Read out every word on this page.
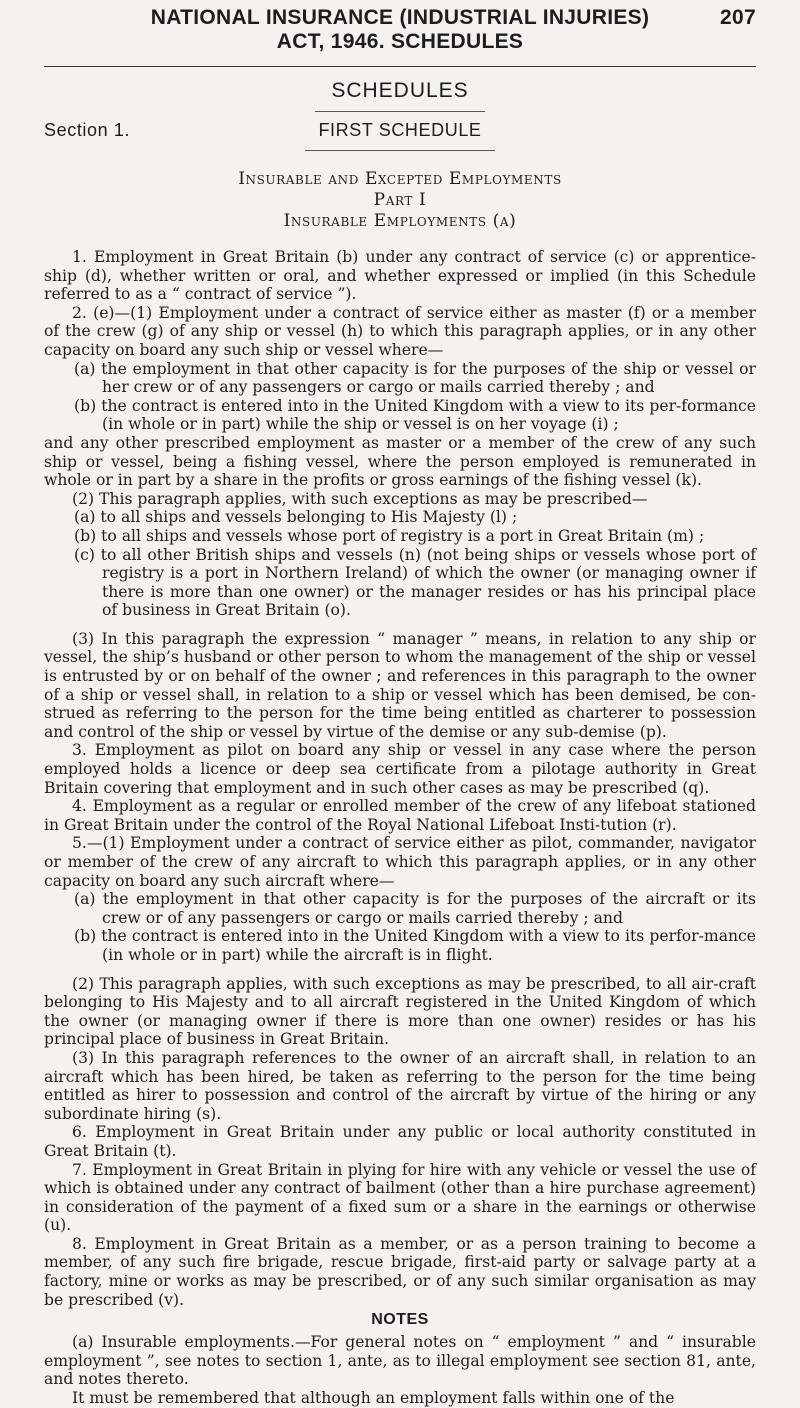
NATIONAL INSURANCE (INDUSTRIAL INJURIES)
ACT, 1946. SCHEDULES
207
SCHEDULES
Section 1.	FIRST SCHEDULE
Insurable and Excepted Employments
Part I
Insurable Employments (a)

1. Employment in Great Britain (b) under any contract of service (c) or apprentice-ship (d), whether written or oral, and whether expressed or implied (in this Schedule referred to as a “ contract of service ”).

2. (e)—(1) Employment under a contract of service either as master (f) or a member of the crew (g) of any ship or vessel (h) to which this paragraph applies, or in any other capacity on board any such ship or vessel where—

(a) the employment in that other capacity is for the purposes of the ship or vessel or her crew or of any passengers or cargo or mails carried thereby ; and

(b) the contract is entered into in the United Kingdom with a view to its per-formance (in whole or in part) while the ship or vessel is on her voyage (i) ;

and any other prescribed employment as master or a member of the crew of any such ship or vessel, being a fishing vessel, where the person employed is remunerated in whole or in part by a share in the profits or gross earnings of the fishing vessel (k).

(2) This paragraph applies, with such exceptions as may be prescribed—

(a) to all ships and vessels belonging to His Majesty (l) ;

(b) to all ships and vessels whose port of registry is a port in Great Britain (m) ;

(c) to all other British ships and vessels (n) (not being ships or vessels whose port of registry is a port in Northern Ireland) of which the owner (or managing owner if there is more than one owner) or the manager resides or has his principal place of business in Great Britain (o).

(3) In this paragraph the expression “ manager ” means, in relation to any ship or vessel, the ship’s husband or other person to whom the management of the ship or vessel is entrusted by or on behalf of the owner ; and references in this paragraph to the owner of a ship or vessel shall, in relation to a ship or vessel which has been demised, be con-strued as referring to the person for the time being entitled as charterer to possession and control of the ship or vessel by virtue of the demise or any sub-demise (p).

3. Employment as pilot on board any ship or vessel in any case where the person employed holds a licence or deep sea certificate from a pilotage authority in Great Britain covering that employment and in such other cases as may be prescribed (q).

4. Employment as a regular or enrolled member of the crew of any lifeboat stationed in Great Britain under the control of the Royal National Lifeboat Insti-tution (r).

5.—(1) Employment under a contract of service either as pilot, commander, navigator or member of the crew of any aircraft to which this paragraph applies, or in any other capacity on board any such aircraft where—

(a) the employment in that other capacity is for the purposes of the aircraft or its crew or of any passengers or cargo or mails carried thereby ; and

(b) the contract is entered into in the United Kingdom with a view to its perfor-mance (in whole or in part) while the aircraft is in flight.

(2) This paragraph applies, with such exceptions as may be prescribed, to all air-craft belonging to His Majesty and to all aircraft registered in the United Kingdom of which the owner (or managing owner if there is more than one owner) resides or has his principal place of business in Great Britain.

(3) In this paragraph references to the owner of an aircraft shall, in relation to an aircraft which has been hired, be taken as referring to the person for the time being entitled as hirer to possession and control of the aircraft by virtue of the hiring or any subordinate hiring (s).

6. Employment in Great Britain under any public or local authority constituted in Great Britain (t).

7. Employment in Great Britain in plying for hire with any vehicle or vessel the use of which is obtained under any contract of bailment (other than a hire purchase agreement) in consideration of the payment of a fixed sum or a share in the earnings or otherwise (u).

8. Employment in Great Britain as a member, or as a person training to become a member, of any such fire brigade, rescue brigade, first-aid party or salvage party at a factory, mine or works as may be prescribed, or of any such similar organisation as may be prescribed (v).

NOTES

(a) Insurable employments.—For general notes on “ employment ” and “ insurable employment ”, see notes to section 1, ante, as to illegal employment see section 81, ante, and notes thereto.

It must be remembered that although an employment falls within one of the
